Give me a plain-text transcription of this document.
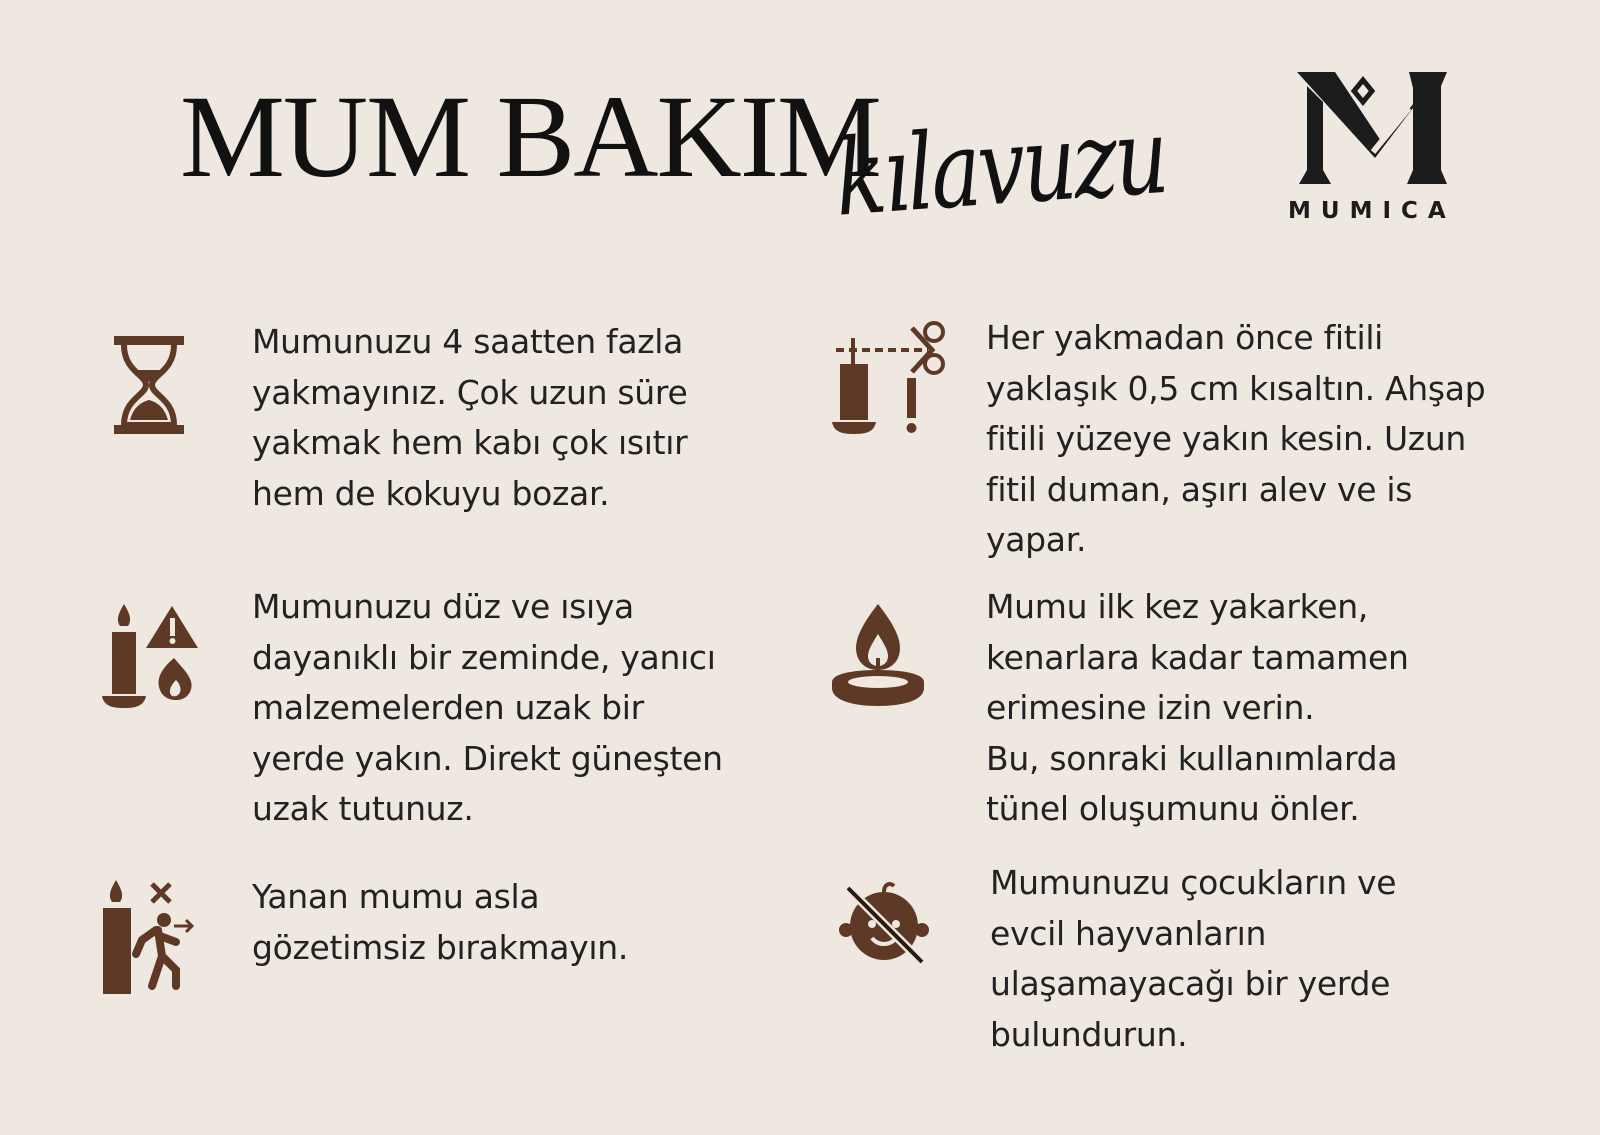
MUM BAKIM
kılavuzu	MUMICA
Mumunuzu 4 saatten fazla
yakmayınız. Çok uzun süre
yakmak hem kabı çok ısıtır
hem de kokuyu bozar.
Her yakmadan önce fitili
yaklaşık 0,5 cm kısaltın. Ahşap
fitili yüzeye yakın kesin. Uzun
fitil duman, aşırı alev ve is
yapar.
Mumunuzu düz ve ısıya
dayanıklı bir zeminde, yanıcı
malzemelerden uzak bir
yerde yakın. Direkt güneşten
uzak tutunuz.
Mumu ilk kez yakarken,
kenarlara kadar tamamen
erimesine izin verin.
Bu, sonraki kullanımlarda
tünel oluşumunu önler.
Yanan mumu asla
gözetimsiz bırakmayın.
Mumunuzu çocukların ve
evcil hayvanların
ulaşamayacağı bir yerde
bulundurun.
